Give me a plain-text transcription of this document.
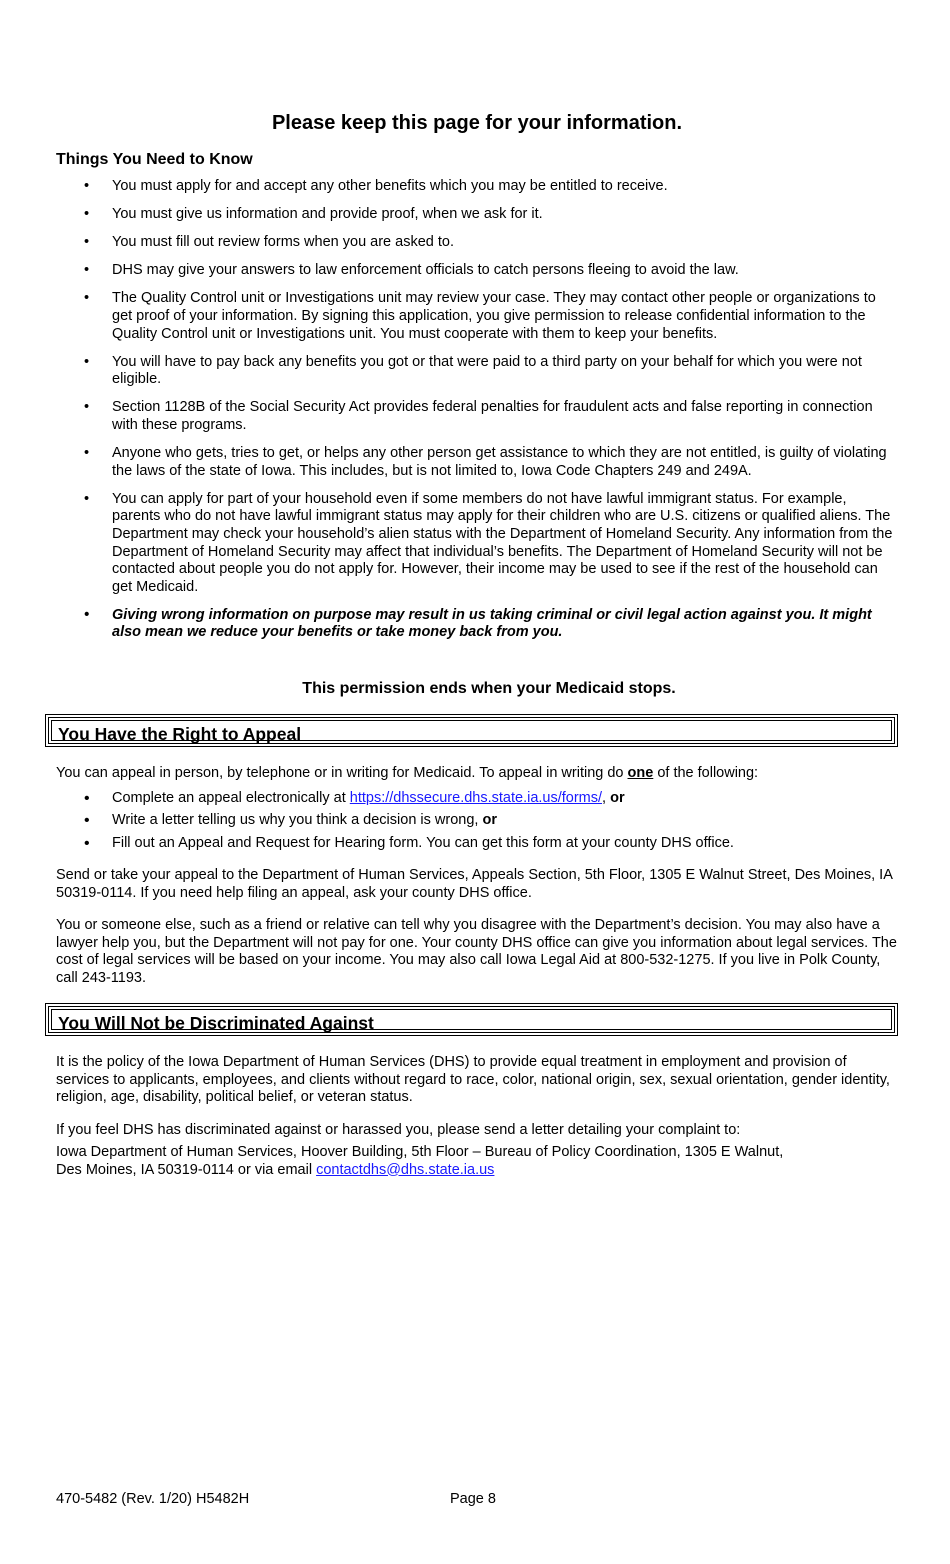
Please keep this page for your information.
Things You Need to Know
• You must apply for and accept any other benefits which you may be entitled to receive.
• You must give us information and provide proof, when we ask for it.
• You must fill out review forms when you are asked to.
• DHS may give your answers to law enforcement officials to catch persons fleeing to avoid the law.
• The Quality Control unit or Investigations unit may review your case. They may contact other people or organizations to get proof of your information. By signing this application, you give permission to release confidential information to the Quality Control unit or Investigations unit. You must cooperate with them to keep your benefits.
• You will have to pay back any benefits you got or that were paid to a third party on your behalf for which you were not eligible.
• Section 1128B of the Social Security Act provides federal penalties for fraudulent acts and false reporting in connection with these programs.
• Anyone who gets, tries to get, or helps any other person get assistance to which they are not entitled, is guilty of violating the laws of the state of Iowa. This includes, but is not limited to, Iowa Code Chapters 249 and 249A.
• You can apply for part of your household even if some members do not have lawful immigrant status. For example, parents who do not have lawful immigrant status may apply for their children who are U.S. citizens or qualified aliens. The Department may check your household’s alien status with the Department of Homeland Security. Any information from the Department of Homeland Security may affect that individual’s benefits. The Department of Homeland Security will not be contacted about people you do not apply for. However, their income may be used to see if the rest of the household can get Medicaid.
• Giving wrong information on purpose may result in us taking criminal or civil legal action against you. It might also mean we reduce your benefits or take money back from you.
This permission ends when your Medicaid stops.
You Have the Right to Appeal
You can appeal in person, by telephone or in writing for Medicaid. To appeal in writing do one of the following:
• Complete an appeal electronically at https://dhssecure.dhs.state.ia.us/forms/, or
• Write a letter telling us why you think a decision is wrong, or
• Fill out an Appeal and Request for Hearing form. You can get this form at your county DHS office.
Send or take your appeal to the Department of Human Services, Appeals Section, 5th Floor, 1305 E Walnut Street, Des Moines, IA 50319-0114. If you need help filing an appeal, ask your county DHS office.
You or someone else, such as a friend or relative can tell why you disagree with the Department’s decision. You may also have a lawyer help you, but the Department will not pay for one. Your county DHS office can give you information about legal services. The cost of legal services will be based on your income. You may also call Iowa Legal Aid at 800-532-1275. If you live in Polk County, call 243-1193.
You Will Not be Discriminated Against
It is the policy of the Iowa Department of Human Services (DHS) to provide equal treatment in employment and provision of services to applicants, employees, and clients without regard to race, color, national origin, sex, sexual orientation, gender identity, religion, age, disability, political belief, or veteran status.
If you feel DHS has discriminated against or harassed you, please send a letter detailing your complaint to:
Iowa Department of Human Services, Hoover Building, 5th Floor – Bureau of Policy Coordination, 1305 E Walnut,
Des Moines, IA 50319-0114 or via email contactdhs@dhs.state.ia.us
470-5482 (Rev. 1/20) H5482H	Page 8
